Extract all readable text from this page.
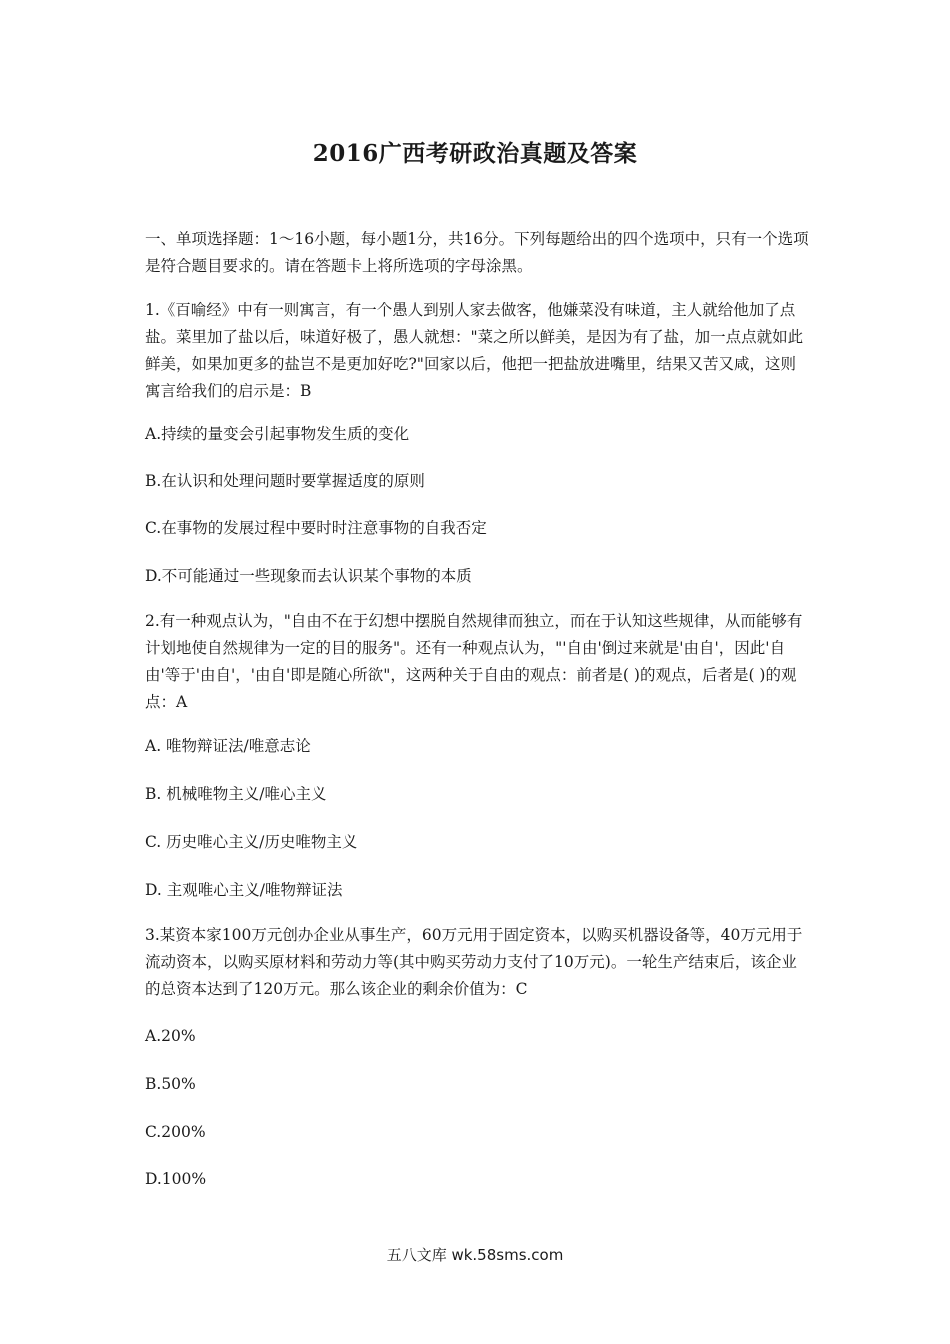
2016广西考研政治真题及答案

一、单项选择题：1～16小题，每小题1分，共16分。下列每题给出的四个选项中，只有一个选项是符合题目要求的。请在答题卡上将所选项的字母涂黑。

1.《百喻经》中有一则寓言，有一个愚人到别人家去做客，他嫌菜没有味道，主人就给他加了点盐。菜里加了盐以后，味道好极了，愚人就想："菜之所以鲜美，是因为有了盐，加一点点就如此鲜美，如果加更多的盐岂不是更加好吃?"回家以后，他把一把盐放进嘴里，结果又苦又咸，这则寓言给我们的启示是：B

A.持续的量变会引起事物发生质的变化

B.在认识和处理问题时要掌握适度的原则

C.在事物的发展过程中要时时注意事物的自我否定

D.不可能通过一些现象而去认识某个事物的本质

2.有一种观点认为，"自由不在于幻想中摆脱自然规律而独立，而在于认知这些规律，从而能够有计划地使自然规律为一定的目的服务"。还有一种观点认为，"'自由'倒过来就是'由自'，因此'自由'等于'由自'，'由自'即是随心所欲"，这两种关于自由的观点：前者是( )的观点，后者是( )的观点：A

A. 唯物辩证法/唯意志论

B. 机械唯物主义/唯心主义

C. 历史唯心主义/历史唯物主义

D. 主观唯心主义/唯物辩证法

3.某资本家100万元创办企业从事生产，60万元用于固定资本，以购买机器设备等，40万元用于流动资本，以购买原材料和劳动力等(其中购买劳动力支付了10万元)。一轮生产结束后，该企业的总资本达到了120万元。那么该企业的剩余价值为：C

A.20%

B.50%

C.200%

D.100%

五八文库 wk.58sms.com
